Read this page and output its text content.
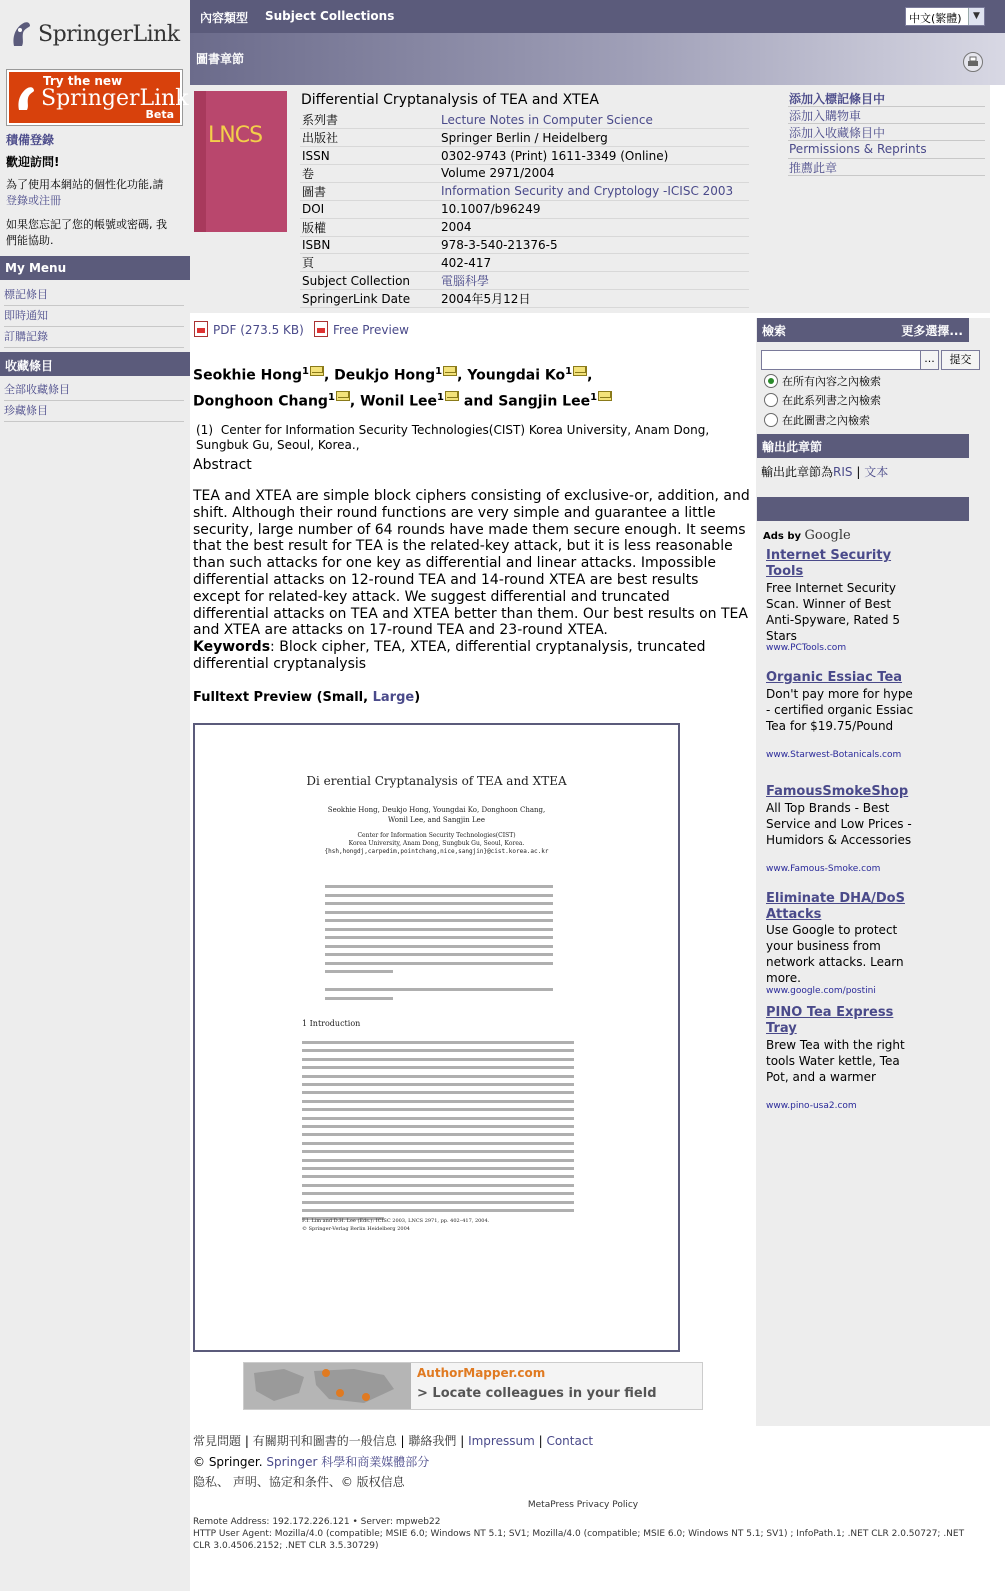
SpringerLink
Try the new
SpringerLink
Beta
積備登錄
歡迎訪問!
為了使用本網站的個性化功能,請
登錄或注冊
如果您忘記了您的帳號或密碼, 我
們能協助.
My Menu
標記條目
即時通知
訂購記錄
收藏條目
全部收藏條目
珍藏條目
內容類型 Subject Collections	中文(繁體)	▼
圖書章節
LNCS
Differential Cryptanalysis of TEA and XTEA
系列書	Lecture Notes in Computer Science
出版社	Springer Berlin / Heidelberg
ISSN	0302-9743 (Print) 1611-3349 (Online)
卷	Volume 2971/2004
圖書	Information Security and Cryptology -ICISC 2003
DOI	10.1007/b96249
版權	2004
ISBN	978-3-540-21376-5
頁	402-417
Subject Collection	電腦科學
SpringerLink Date	2004年5月12日
添加入標記條目中
添加入購物車
添加入收藏條目中
Permissions & Reprints
推薦此章
PDF (273.5 KB)	Free Preview
Seokhie Hong$^1$ , Deukjo Hong$^1$ , Youngdai Ko$^1$ ,
Donghoon Chang$^1$ , Wonil Lee$^1$ and Sangjin Lee$^1$
(1) Center for Information Security Technologies(CIST) Korea University, Anam Dong, Sungbuk Gu, Seoul, Korea.,
Abstract
TEA and XTEA are simple block ciphers consisting of exclusive-or, addition, and shift. Although their round functions are very simple and guarantee a little security, large number of 64 rounds have made them secure enough. It seems that the best result for TEA is the related-key attack, but it is less reasonable than such attacks for one key as differential and linear attacks. Impossible differential attacks on 12-round TEA and 14-round XTEA are best results except for related-key attack. We suggest differential and truncated differential attacks on TEA and XTEA better than them. Our best results on TEA and XTEA are attacks on 17-round TEA and 23-round XTEA.
Keywords: Block cipher, TEA, XTEA, differential cryptanalysis, truncated differential cryptanalysis
Fulltext Preview (Small, Large)
Di erential Cryptanalysis of TEA and XTEA
Seokhie Hong, Deukjo Hong, Youngdai Ko, Donghoon Chang,
Wonil Lee, and Sangjin Lee
Center for Information Security Technologies(CIST)
Korea University, Anam Dong, Sungbuk Gu, Seoul, Korea.
{hsh,hongdj,carpedim,pointchang,nice,sangjin}@cist.korea.ac.kr
1 Introduction
F.I. Lim and D.H. Lee (Eds.): ICISC 2003, LNCS 2971, pp. 402–417, 2004.
© Springer-Verlag Berlin Heidelberg 2004
AuthorMapper.com
> Locate colleagues in your field
檢索	更多選擇...
...	提交
在所有內容之內檢索
在此系列書之內檢索
在此圖書之內檢索
輸出此章節
輸出此章節為RIS | 文本
Ads by Google
Internet Security Tools
Free Internet Security Scan. Winner of Best Anti-Spyware, Rated 5 Stars
www.PCTools.com
Organic Essiac Tea
Don't pay more for hype - certified organic Essiac Tea for $19.75/Pound
www.Starwest-Botanicals.com
FamousSmokeShop
All Top Brands - Best Service and Low Prices - Humidors & Accessories
www.Famous-Smoke.com
Eliminate DHA/DoS Attacks
Use Google to protect your business from network attacks. Learn more.
www.google.com/postini
PINO Tea Express Tray
Brew Tea with the right tools Water kettle, Tea Pot, and a warmer
www.pino-usa2.com
常見問題 | 有關期刊和圖書的一般信息 | 聯絡我們 | Impressum | Contact
© Springer. Springer 科學和商業媒體部分
隐私、 声明、協定和条件、© 版权信息
MetaPress Privacy Policy
Remote Address: 192.172.226.121 • Server: mpweb22
HTTP User Agent: Mozilla/4.0 (compatible; MSIE 6.0; Windows NT 5.1; SV1; Mozilla/4.0 (compatible; MSIE 6.0; Windows NT 5.1; SV1) ; InfoPath.1; .NET CLR 2.0.50727; .NET CLR 3.0.4506.2152; .NET CLR 3.5.30729)
